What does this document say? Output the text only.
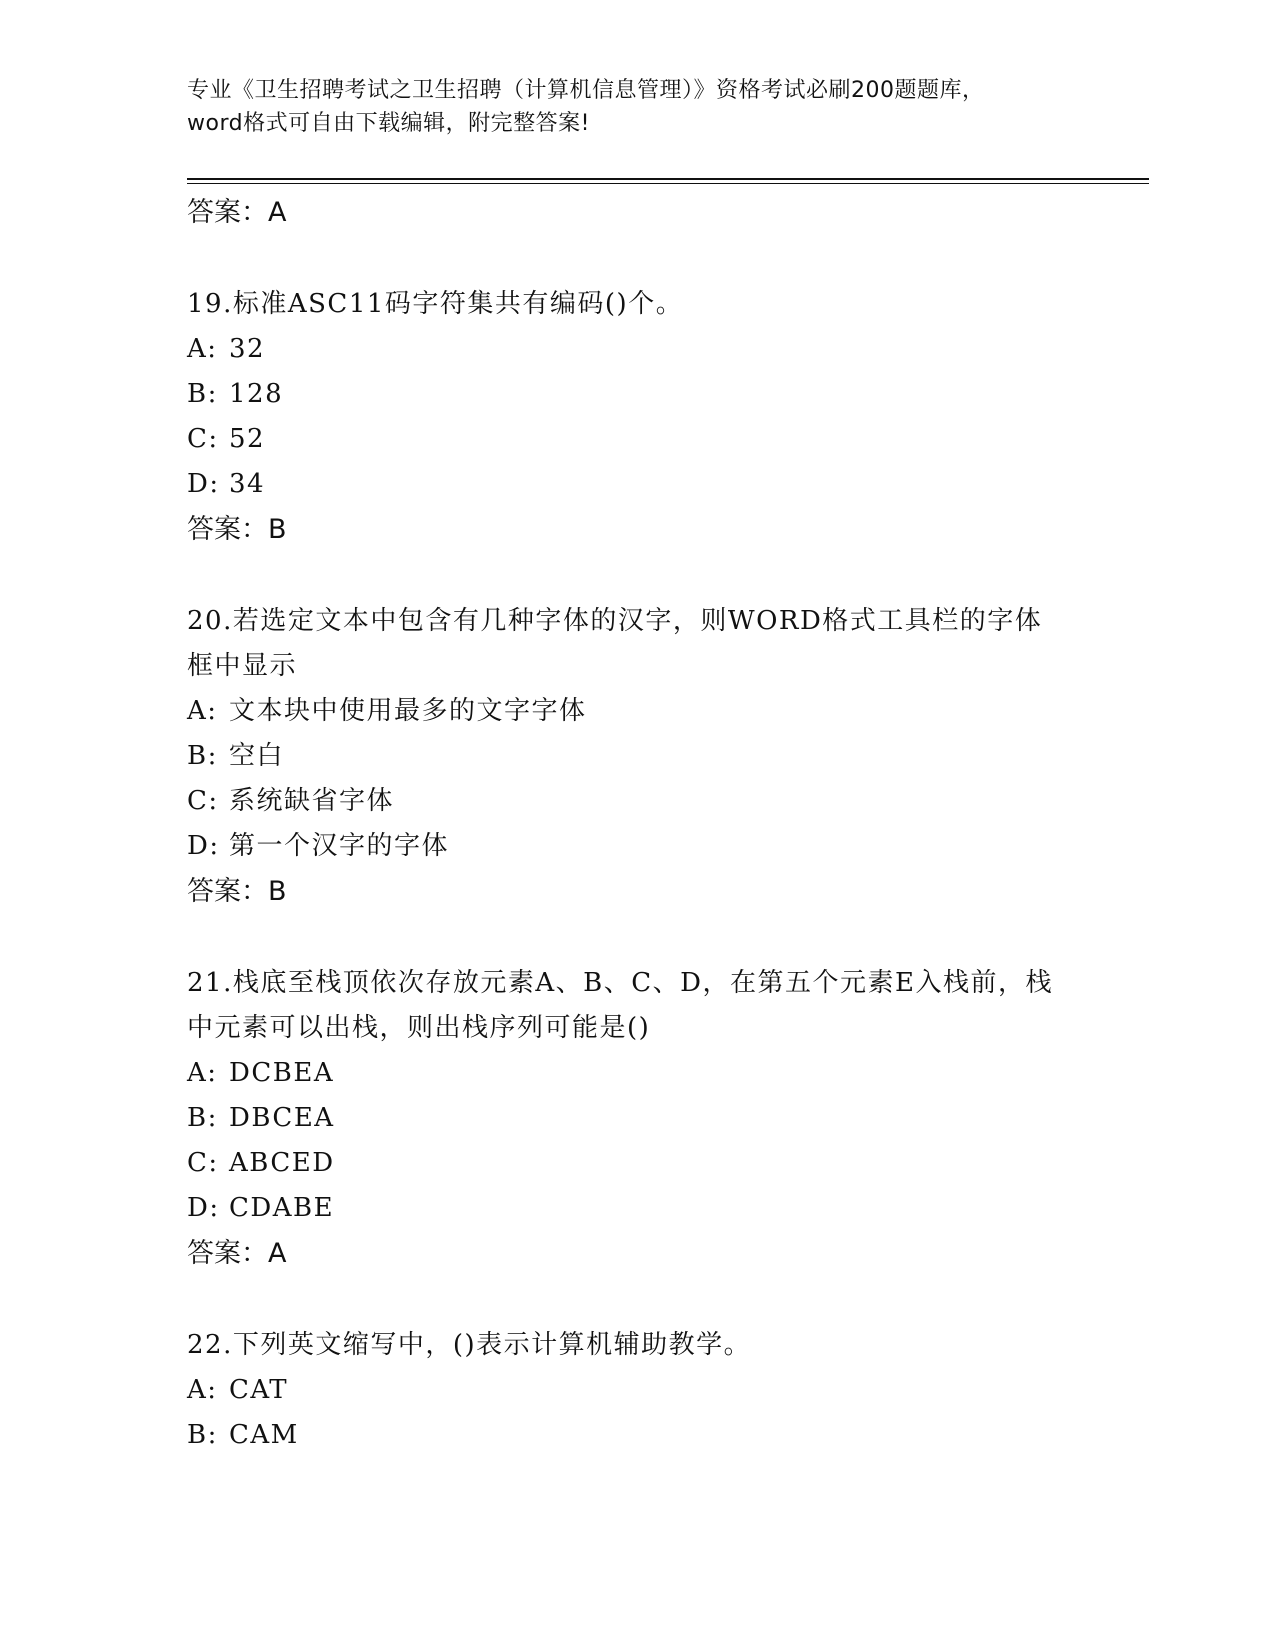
专业《卫生招聘考试之卫生招聘（计算机信息管理）》资格考试必刷200题题库，
word格式可自由下载编辑，附完整答案!
答案：A
19.标准ASC11码字符集共有编码()个。
A: 32
B: 128
C: 52
D: 34
答案：B
20.若选定文本中包含有几种字体的汉字，则WORD格式工具栏的字体
框中显示
A: 文本块中使用最多的文字字体
B: 空白
C: 系统缺省字体
D: 第一个汉字的字体
答案：B
21.栈底至栈顶依次存放元素A、B、C、D，在第五个元素E入栈前，栈
中元素可以出栈，则出栈序列可能是()
A: DCBEA
B: DBCEA
C: ABCED
D: CDABE
答案：A
22.下列英文缩写中，()表示计算机辅助教学。
A: CAT
B: CAM
